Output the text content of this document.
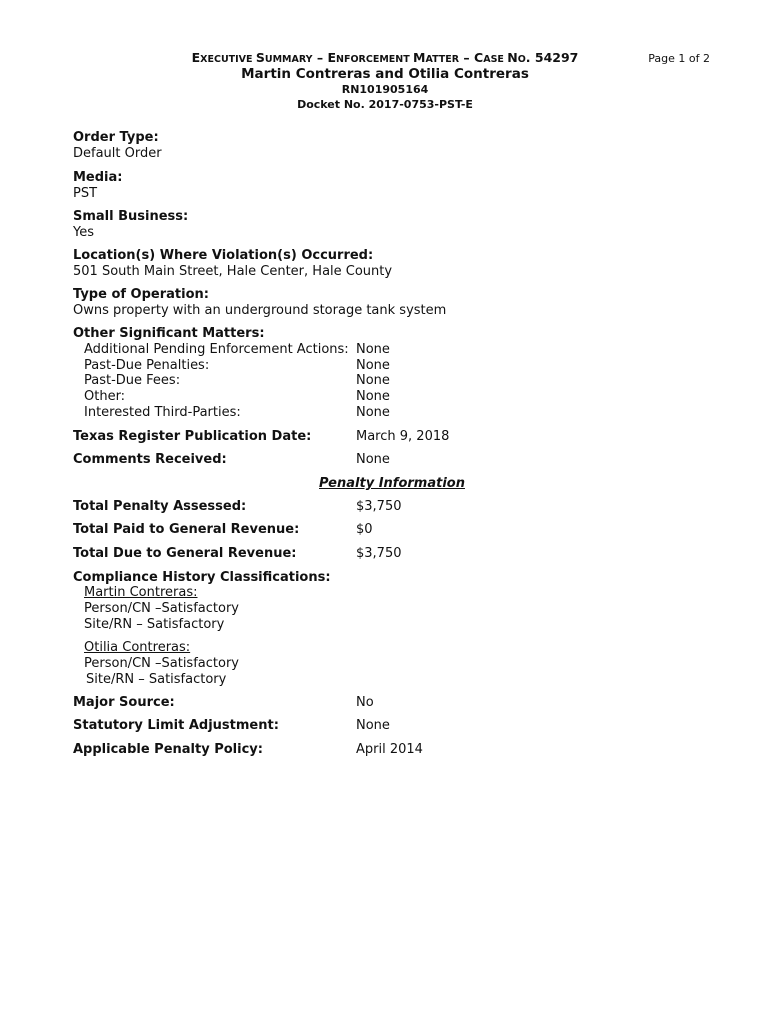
EXECUTIVE SUMMARY – ENFORCEMENT MATTER – CASE NO. 54297	Page 1 of 2
Martin Contreras and Otilia Contreras
RN101905164
Docket No. 2017-0753-PST-E
Order Type:
Default Order
Media:
PST
Small Business:
Yes
Location(s) Where Violation(s) Occurred:
501 South Main Street, Hale Center, Hale County
Type of Operation:
Owns property with an underground storage tank system
Other Significant Matters:
Additional Pending Enforcement Actions: None
Past-Due Penalties:	None
Past-Due Fees:	None
Other:	None
Interested Third-Parties:	None
Texas Register Publication Date:	March 9, 2018
Comments Received:	None
Penalty Information
Total Penalty Assessed:	$3,750
Total Paid to General Revenue:	$0
Total Due to General Revenue:	$3,750
Compliance History Classifications:
Martin Contreras:
Person/CN –Satisfactory
Site/RN – Satisfactory
Otilia Contreras:
Person/CN –Satisfactory
Site/RN – Satisfactory
Major Source:	No
Statutory Limit Adjustment:	None
Applicable Penalty Policy:	April 2014
